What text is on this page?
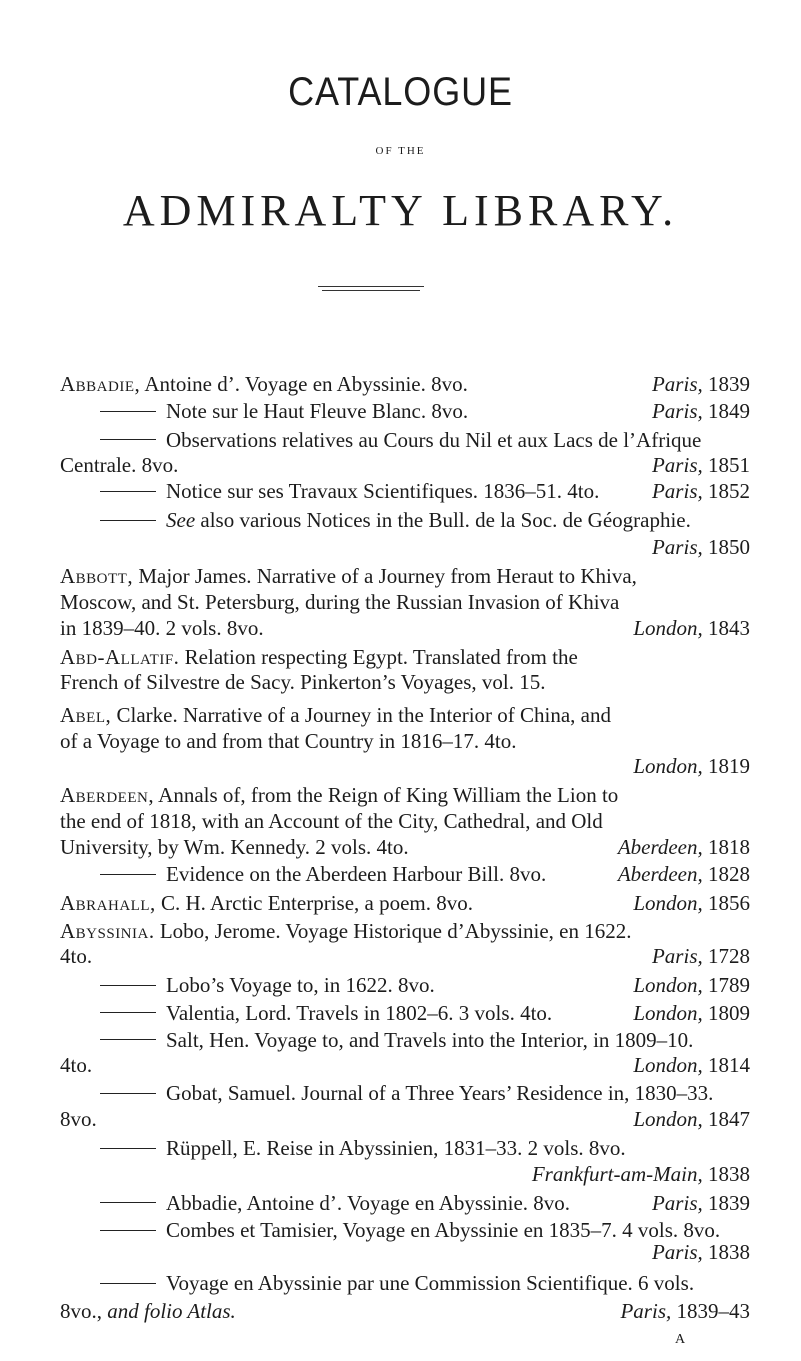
CATALOGUE
OF THE
ADMIRALTY LIBRARY.
Abbadie, Antoine d’. Voyage en Abyssinie. 8vo.	Paris, 1839
Note sur le Haut Fleuve Blanc. 8vo.	Paris, 1849
Observations relatives au Cours du Nil et aux Lacs de l’Afrique
Centrale. 8vo.	Paris, 1851
Notice sur ses Travaux Scientifiques. 1836–51. 4to.	Paris, 1852
See also various Notices in the Bull. de la Soc. de Géographie.
Paris, 1850
Abbott, Major James. Narrative of a Journey from Heraut to Khiva,
Moscow, and St. Petersburg, during the Russian Invasion of Khiva
in 1839–40. 2 vols. 8vo.	London, 1843
Abd-Allatif. Relation respecting Egypt. Translated from the
French of Silvestre de Sacy. Pinkerton’s Voyages, vol. 15.
Abel, Clarke. Narrative of a Journey in the Interior of China, and
of a Voyage to and from that Country in 1816–17. 4to.
London, 1819
Aberdeen, Annals of, from the Reign of King William the Lion to
the end of 1818, with an Account of the City, Cathedral, and Old
University, by Wm. Kennedy. 2 vols. 4to.	Aberdeen, 1818
Evidence on the Aberdeen Harbour Bill. 8vo.	Aberdeen, 1828
Abrahall, C. H. Arctic Enterprise, a poem. 8vo.	London, 1856
Abyssinia. Lobo, Jerome. Voyage Historique d’Abyssinie, en 1622.
4to.	Paris, 1728
Lobo’s Voyage to, in 1622. 8vo.	London, 1789
Valentia, Lord. Travels in 1802–6. 3 vols. 4to.	London, 1809
Salt, Hen. Voyage to, and Travels into the Interior, in 1809–10.
4to.	London, 1814
Gobat, Samuel. Journal of a Three Years’ Residence in, 1830–33.
8vo.	London, 1847
Rüppell, E. Reise in Abyssinien, 1831–33. 2 vols. 8vo.
Frankfurt-am-Main, 1838
Abbadie, Antoine d’. Voyage en Abyssinie. 8vo.	Paris, 1839
Combes et Tamisier, Voyage en Abyssinie en 1835–7. 4 vols. 8vo.
Paris, 1838
Voyage en Abyssinie par une Commission Scientifique. 6 vols.
8vo., and folio Atlas.	Paris, 1839–43
A
